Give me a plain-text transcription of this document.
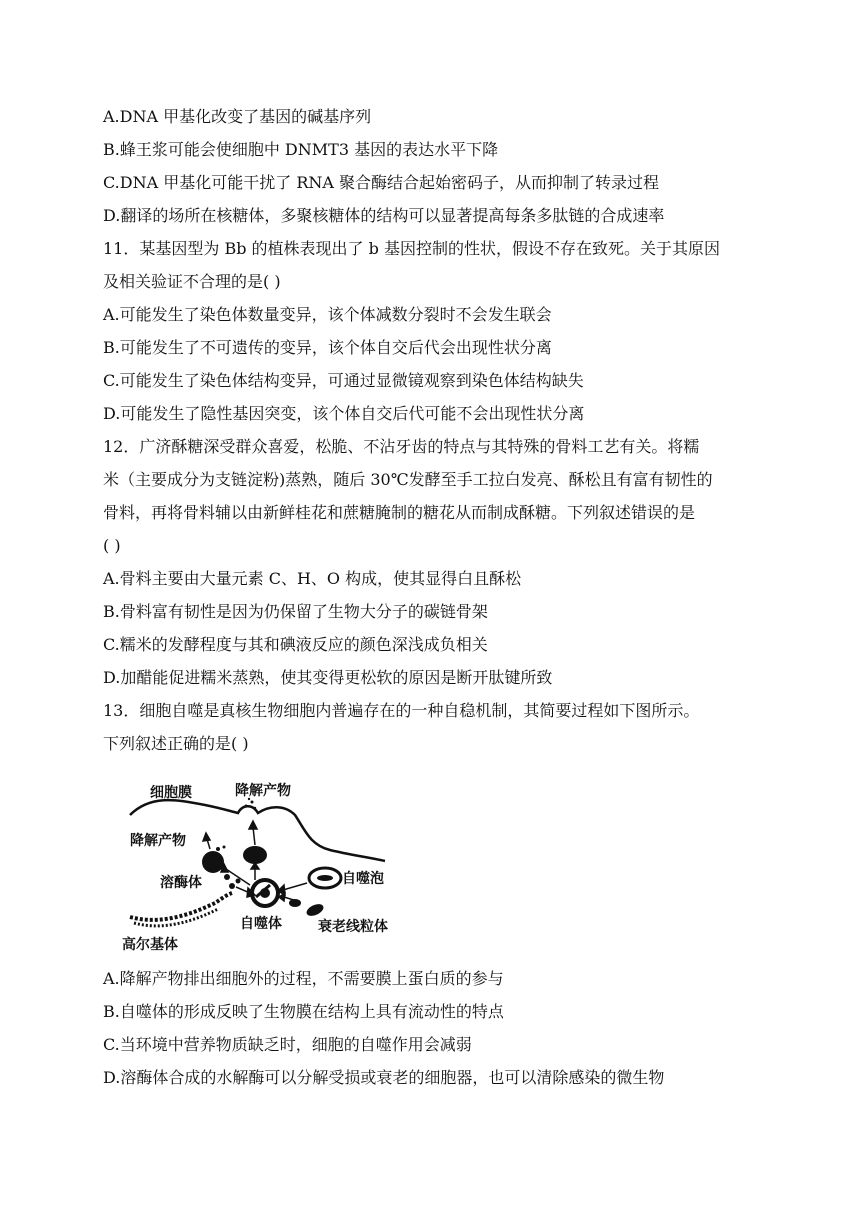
A.DNA 甲基化改变了基因的碱基序列
B.蜂王浆可能会使细胞中 DNMT3 基因的表达水平下降
C.DNA 甲基化可能干扰了 RNA 聚合酶结合起始密码子，从而抑制了转录过程
D.翻译的场所在核糖体，多聚核糖体的结构可以显著提高每条多肽链的合成速率
11．某基因型为 Bb 的植株表现出了 b 基因控制的性状，假设不存在致死。关于其原因
及相关验证不合理的是( )
A.可能发生了染色体数量变异，该个体减数分裂时不会发生联会
B.可能发生了不可遗传的变异，该个体自交后代会出现性状分离
C.可能发生了染色体结构变异，可通过显微镜观察到染色体结构缺失
D.可能发生了隐性基因突变，该个体自交后代可能不会出现性状分离
12．广济酥糖深受群众喜爱，松脆、不沾牙齿的特点与其特殊的骨料工艺有关。将糯
米（主要成分为支链淀粉)蒸熟，随后 30℃发酵至手工拉白发亮、酥松且有富有韧性的
骨料，再将骨料辅以由新鲜桂花和蔗糖腌制的糖花从而制成酥糖。下列叙述错误的是
( )
A.骨料主要由大量元素 C、H、O 构成，使其显得白且酥松
B.骨料富有韧性是因为仍保留了生物大分子的碳链骨架
C.糯米的发酵程度与其和碘液反应的颜色深浅成负相关
D.加醋能促进糯米蒸熟，使其变得更松软的原因是断开肽键所致
13．细胞自噬是真核生物细胞内普遍存在的一种自稳机制，其简要过程如下图所示。
下列叙述正确的是( )
细胞膜	降解产物
降解产物
溶酶体
自噬体
自噬泡
衰老线粒体
高尔基体
A.降解产物排出细胞外的过程，不需要膜上蛋白质的参与
B.自噬体的形成反映了生物膜在结构上具有流动性的特点
C.当环境中营养物质缺乏时，细胞的自噬作用会减弱
D.溶酶体合成的水解酶可以分解受损或衰老的细胞器，也可以清除感染的微生物
